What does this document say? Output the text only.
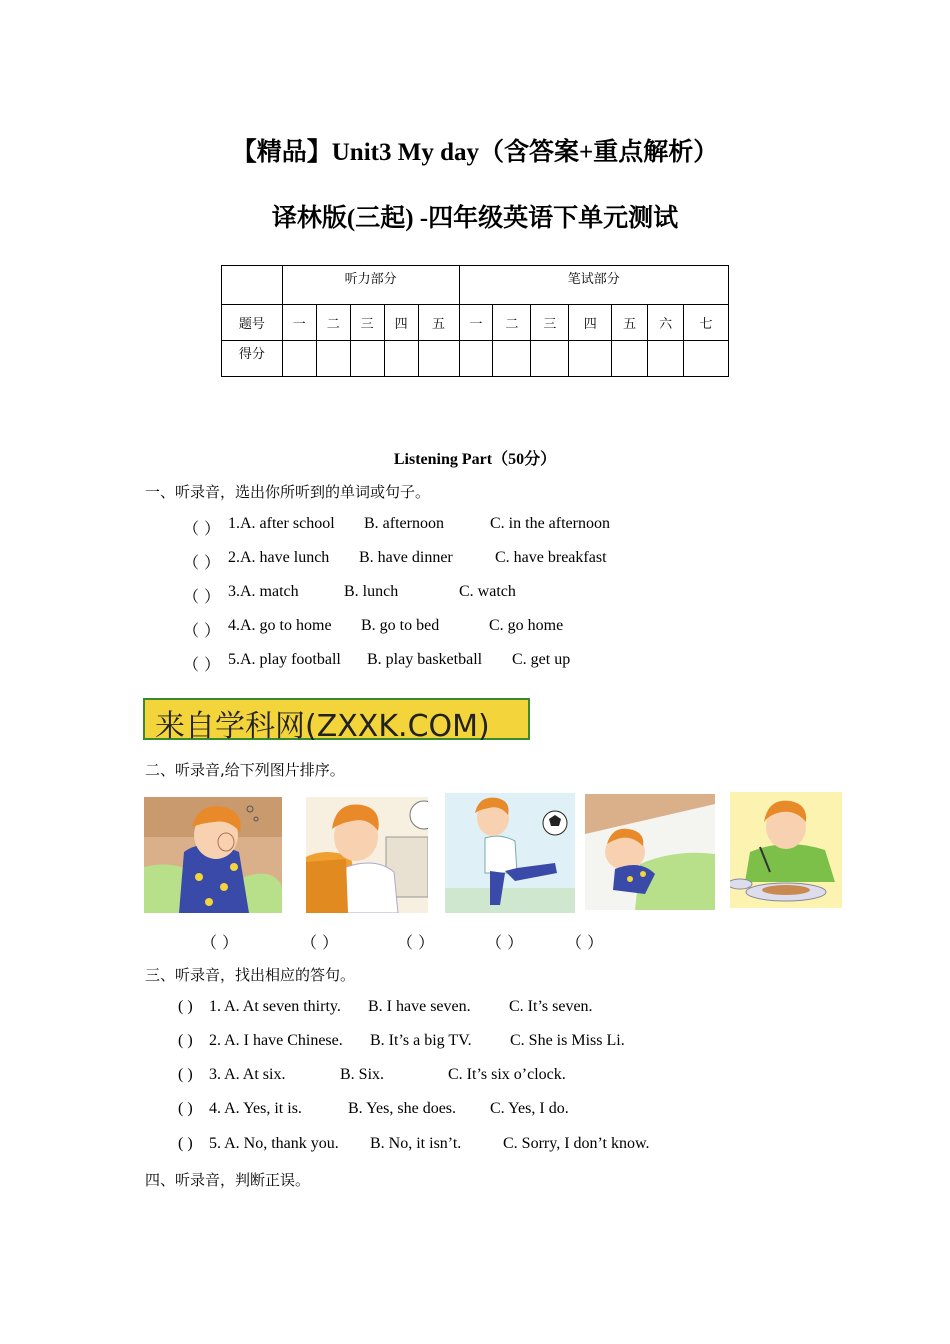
【精品】Unit3 My day（含答案+重点解析）
译林版(三起) -四年级英语下单元测试
	听力部分					笔试部分						
题号	一	二	三	四	五	一	二	三	四	五	六	七
得分												
Listening Part（50分）
一、听录音，选出你所听到的单词或句子。
（ ） 1.A. after school B. afternoon	C. in the afternoon
（ ） 2.A. have lunch B. have dinner	C. have breakfast
（ ） 3.A. match	B. lunch	C. watch
（ ） 4.A. go to home B. go to bed	C. go home
（ ） 5.A. play football B. play basketball C. get up
来自学科网(ZXXK.COM)
二、听录音,给下列图片排序。
（ ）	（ ）	（ ）	（ ）	（ ）
三、听录音，找出相应的答句。
( ) 1. A. At seven thirty. B. I have seven. C. It’s seven.
( ) 2. A. I have Chinese. B. It’s a big TV. C. She is Miss Li.
( ) 3. A. At six.	B. Six.	C. It’s six o’clock.
( ) 4. A. Yes, it is.	B. Yes, she does. C. Yes, I do.
( ) 5. A. No, thank you. B. No, it isn’t.	C. Sorry, I don’t know.
四、听录音，判断正误。
